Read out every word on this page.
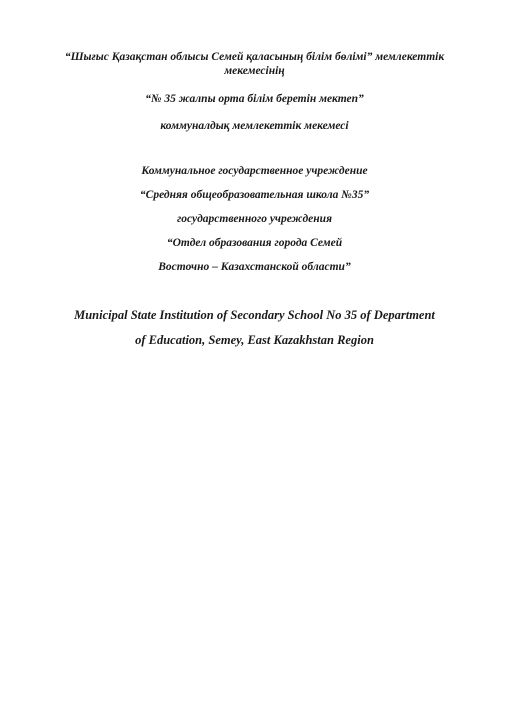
“Шығыс Қазақстан облысы Семей қаласының білім бөлімі” мемлекеттік
мекемесінің
“№ 35 жалпы орта білім беретін мектеп”
коммуналдық мемлекеттік мекемесі
Коммунальное государственное учреждение
“Средняя общеобразовательная школа №35”
государственного учреждения
“Отдел образования города Семей
Восточно – Казахстанской области”
Municipal State Institution of Secondary School No 35 of Department
of Education, Semey, East Kazakhstan Region
